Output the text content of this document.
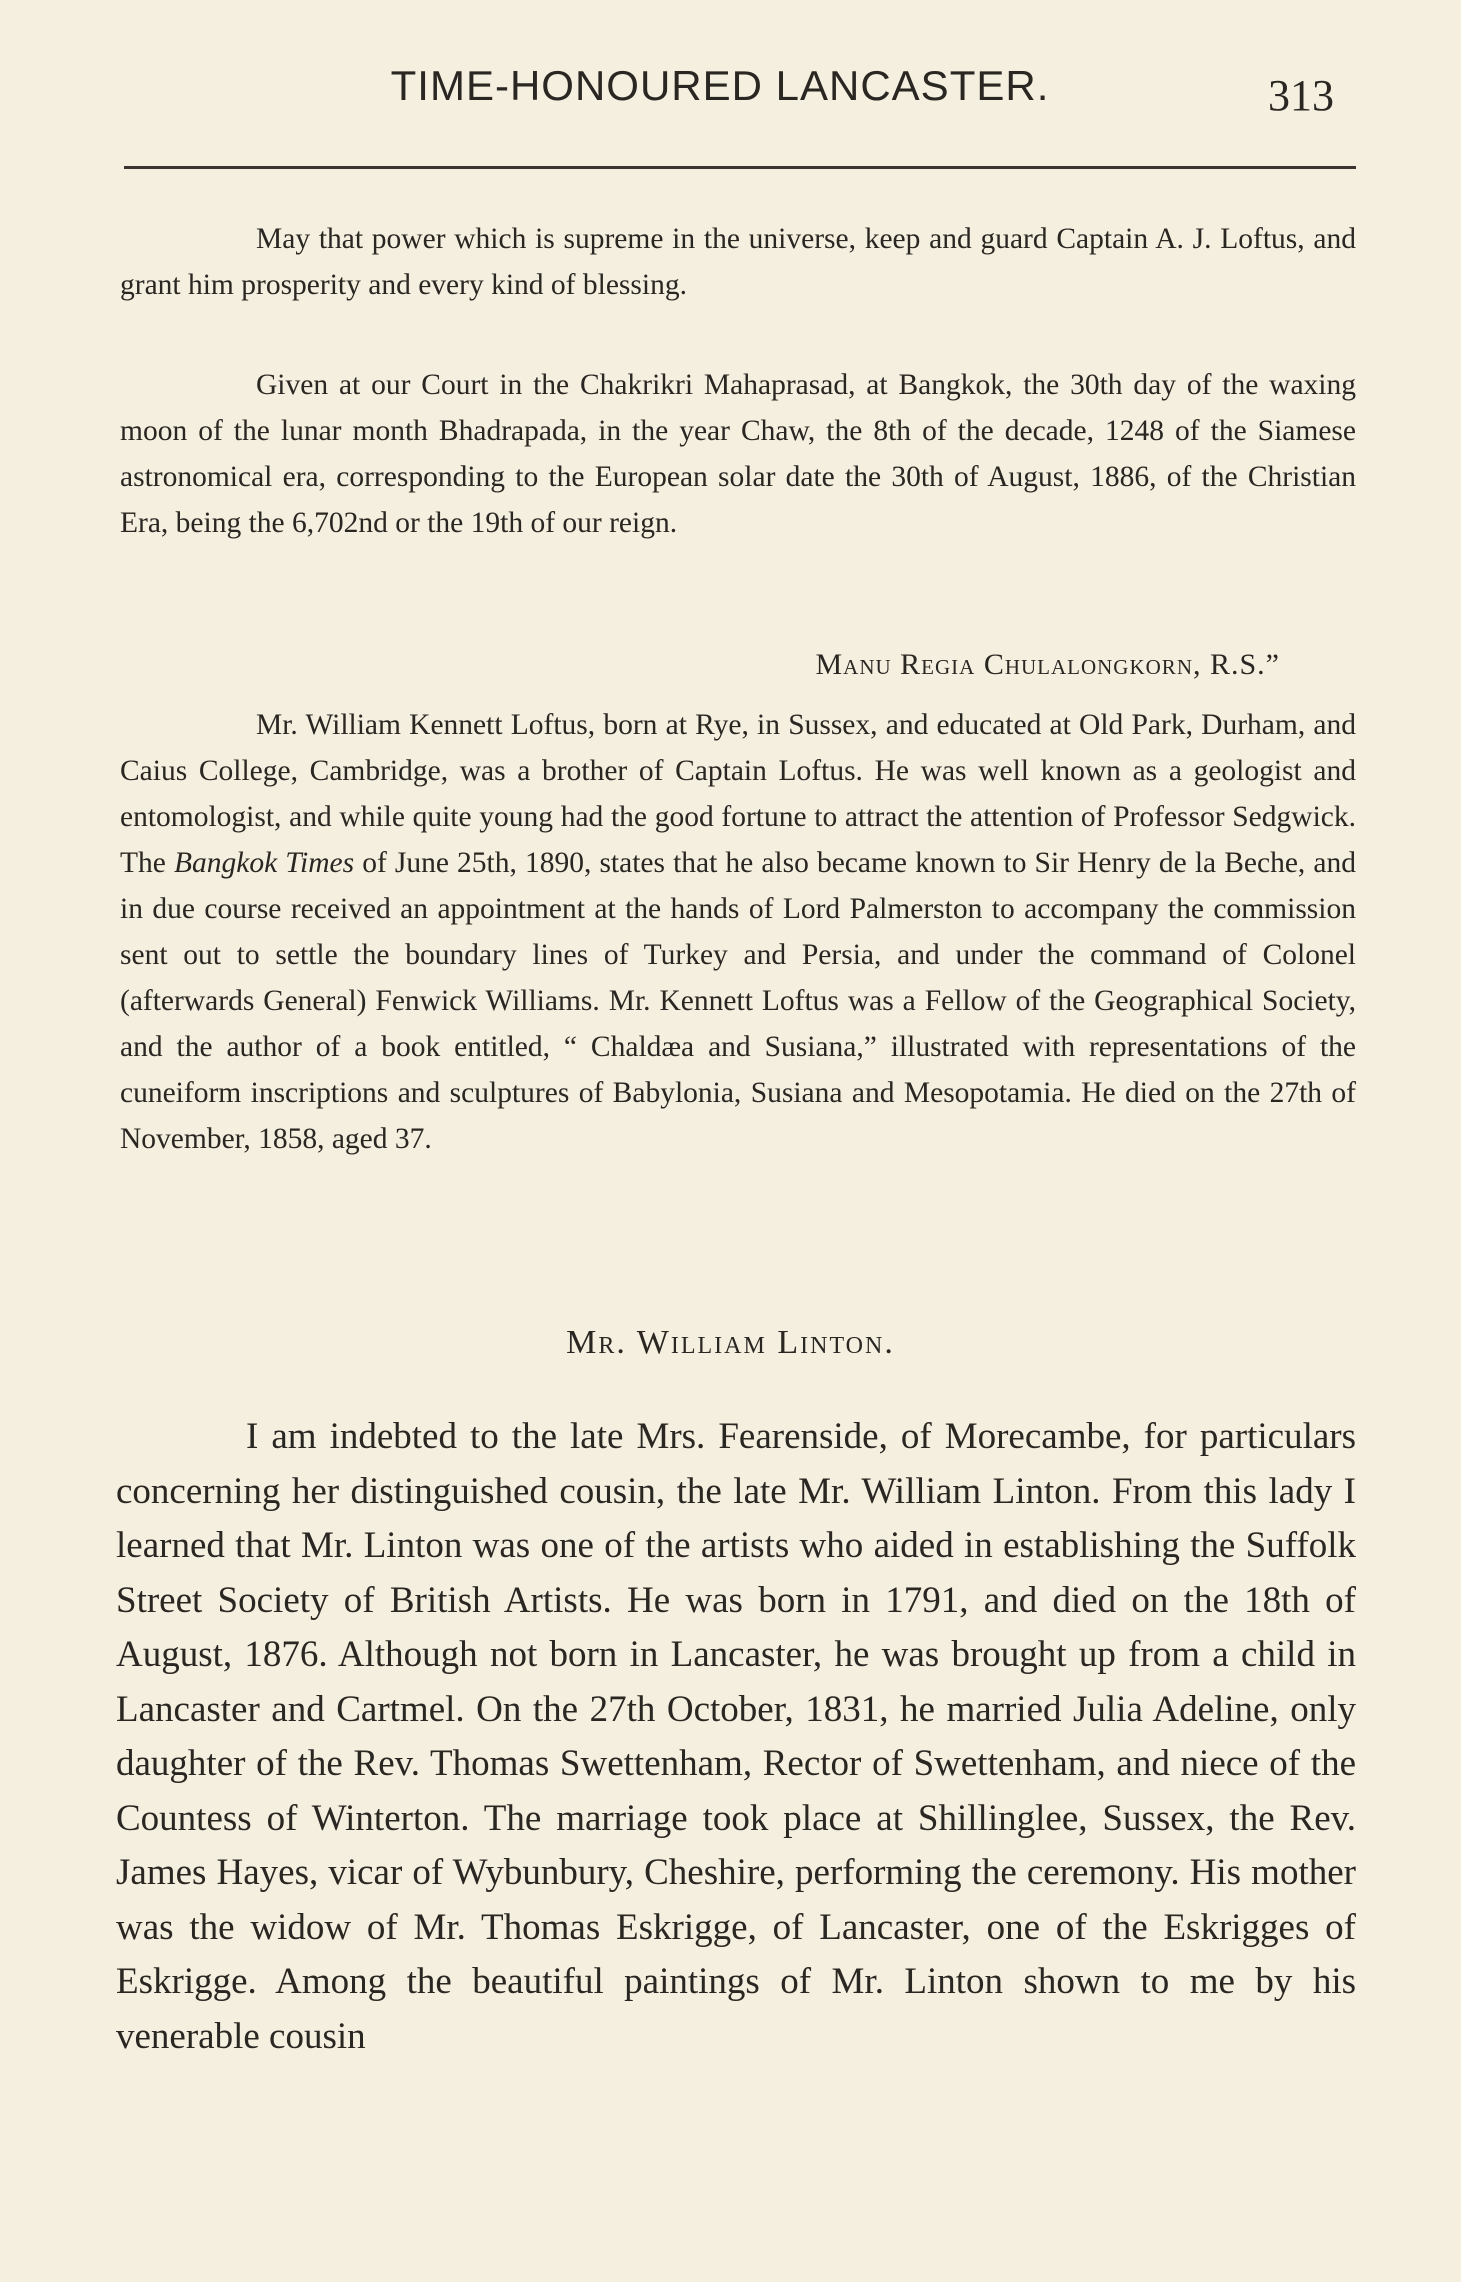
TIME-HONOURED LANCASTER.	313

May that power which is supreme in the universe, keep and guard Captain A. J. Loftus, and grant him prosperity and every kind of blessing.

Given at our Court in the Chakrikri Mahaprasad, at Bangkok, the 30th day of the waxing moon of the lunar month Bhadrapada, in the year Chaw, the 8th of the decade, 1248 of the Siamese astronomical era, corresponding to the European solar date the 30th of August, 1886, of the Christian Era, being the 6,702nd or the 19th of our reign.

Manu Regia Chulalongkorn, R.S.”

Mr. William Kennett Loftus, born at Rye, in Sussex, and educated at Old Park, Durham, and Caius College, Cambridge, was a brother of Captain Loftus. He was well known as a geologist and entomologist, and while quite young had the good fortune to attract the attention of Professor Sedgwick. The Bangkok Times of June 25th, 1890, states that he also became known to Sir Henry de la Beche, and in due course received an appointment at the hands of Lord Palmerston to accompany the commission sent out to settle the boundary lines of Turkey and Persia, and under the command of Colonel (afterwards General) Fenwick Williams. Mr. Kennett Loftus was a Fellow of the Geographical Society, and the author of a book entitled, “ Chaldæa and Susiana,” illustrated with representations of the cuneiform inscriptions and sculptures of Babylonia, Susiana and Mesopotamia. He died on the 27th of November, 1858, aged 37.

Mr. William Linton.

I am indebted to the late Mrs. Fearenside, of Morecambe, for particulars concerning her distinguished cousin, the late Mr. William Linton. From this lady I learned that Mr. Linton was one of the artists who aided in establishing the Suffolk Street Society of British Artists. He was born in 1791, and died on the 18th of August, 1876. Although not born in Lancaster, he was brought up from a child in Lancaster and Cartmel. On the 27th October, 1831, he married Julia Adeline, only daughter of the Rev. Thomas Swettenham, Rector of Swettenham, and niece of the Countess of Winterton. The marriage took place at Shillinglee, Sussex, the Rev. James Hayes, vicar of Wybunbury, Cheshire, performing the ceremony. His mother was the widow of Mr. Thomas Eskrigge, of Lancaster, one of the Eskrigges of Eskrigge. Among the beautiful paintings of Mr. Linton shown to me by his venerable cousin
